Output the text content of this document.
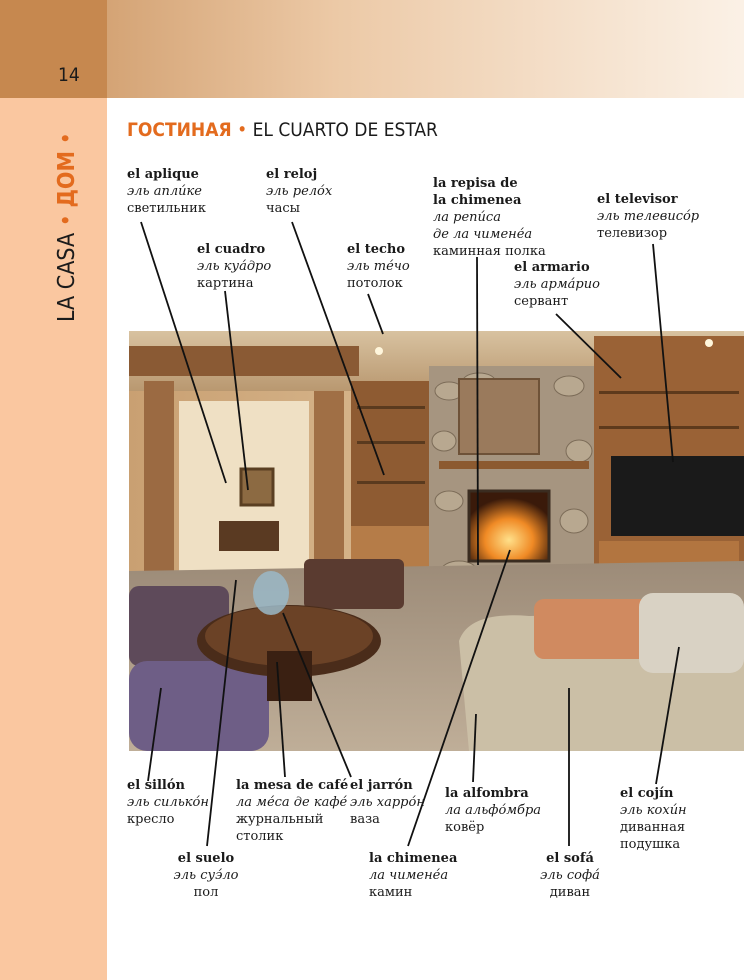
14
LA CASA • ДОМ • ГОСТИНАЯ • EL CUARTO DE ESTAR
el aplique
эль апли́ке
светильник
el reloj
эль рело́х
часы
el cuadro
эль куа́дро
картина
el techo
эль те́чо
потолок
la repisa de
la chimenea
ла репи́са
де ла чимене́а
каминная полка
el televisor
эль телевисо́р
телевизор
el armario
эль арма́рио
сервант
el sillón
эль силько́н
кресло
la mesa de café
ла ме́са де кафе́
журнальный
столик
el jarrón
эль харро́н
ваза
la alfombra
ла альфо́мбра
ковёр
el cojín
эль кохи́н
диванная
подушка
el suelo
эль суэ́ло
пол
la chimenea
ла чимене́а
камин
el sofá
эль софа́
диван
